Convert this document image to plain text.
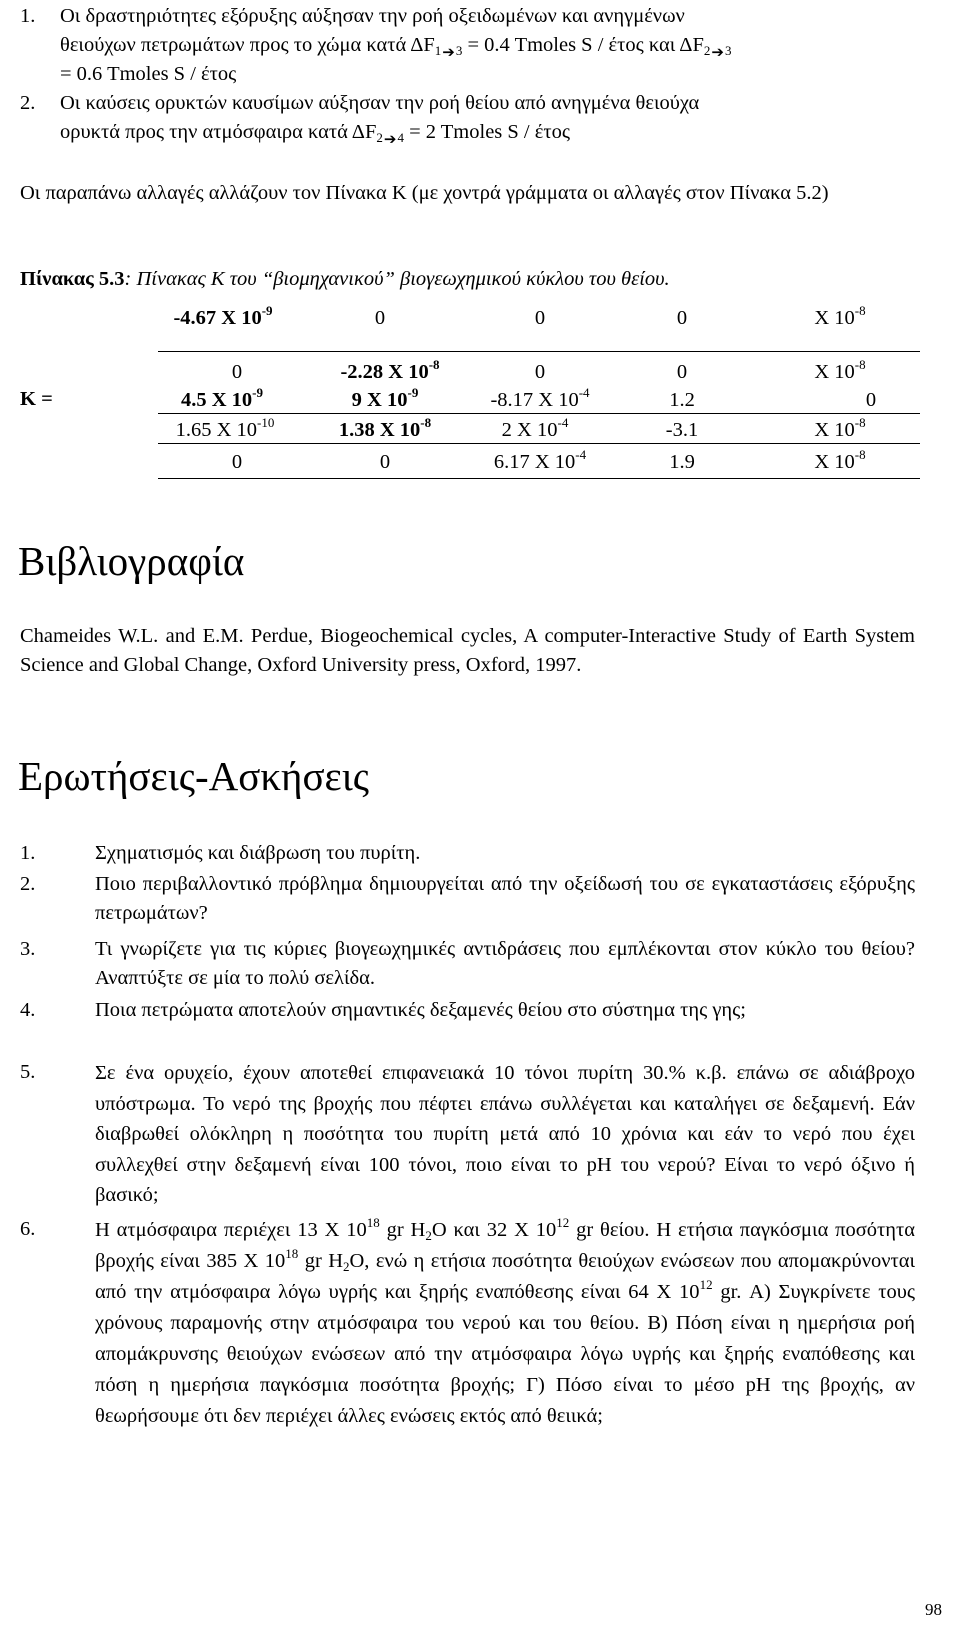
1. Οι δραστηριότητες εξόρυξης αύξησαν την ροή οξειδωμένων και ανηγμένων
θειούχων πετρωμάτων προς το χώμα κατά $\Delta F_{1➔3} = 0.4$ Tmoles S / έτος και $\Delta F_{2➔3}$
= 0.6 Tmoles S / έτος
2. Οι καύσεις ορυκτών καυσίμων αύξησαν την ροή θείου από ανηγμένα θειούχα
ορυκτά προς την ατμόσφαιρα κατά $\Delta F_{2➔4} = 2$ Tmoles S / έτος
Οι παραπάνω αλλαγές αλλάζουν τον Πίνακα Κ (με χοντρά γράμματα οι αλλαγές στον Πίνακα 5.2)
Πίνακας 5.3: Πίνακας Κ του “βιομηχανικού” βιογεωχημικού κύκλου του θείου.
-4.67 X $10^{-9}$	0	0	0	X $10^{-8}$
0	-2.28 X $10^{-8}$	0	0	X $10^{-8}$
K =	4.5 X $10^{-9}$	9 X $10^{-9}$	-8.17 X $10^{-4}$	1.2	0
1.65 X $10^{-10}$	1.38 X $10^{-8}$	2 X $10^{-4}$	-3.1	X $10^{-8}$
0	0	6.17 X $10^{-4}$	1.9	X $10^{-8}$
Βιβλιογραφία
Chameides W.L. and E.M. Perdue, Biogeochemical cycles, A computer-Interactive Study of Earth System Science and Global Change, Oxford University press, Oxford, 1997.
Ερωτήσεις-Ασκήσεις
1.	Σχηματισμός και διάβρωση του πυρίτη.
2.	Ποιο περιβαλλοντικό πρόβλημα δημιουργείται από την οξείδωσή του σε εγκαταστάσεις εξόρυξης πετρωμάτων?
3.	Τι γνωρίζετε για τις κύριες βιογεωχημικές αντιδράσεις που εμπλέκονται στον κύκλο του θείου? Αναπτύξτε σε μία το πολύ σελίδα.
4.	Ποια πετρώματα αποτελούν σημαντικές δεξαμενές θείου στο σύστημα της γης;
5.	Σε ένα ορυχείο, έχουν αποτεθεί επιφανειακά 10 τόνοι πυρίτη 30.% κ.β. επάνω σε αδιάβροχο υπόστρωμα. Το νερό της βροχής που πέφτει επάνω συλλέγεται και καταλήγει σε δεξαμενή. Εάν διαβρωθεί ολόκληρη η ποσότητα του πυρίτη μετά από 10 χρόνια και εάν το νερό που έχει συλλεχθεί στην δεξαμενή είναι 100 τόνοι, ποιο είναι το pH του νερού? Είναι το νερό όξινο ή βασικό;
6.	Η ατμόσφαιρα περιέχει 13 X $10^{18}$ gr $H_2O$ και 32 X $10^{12}$ gr θείου. Η ετήσια παγκόσμια ποσότητα βροχής είναι 385 X $10^{18}$ gr $H_2O$, ενώ η ετήσια ποσότητα θειούχων ενώσεων που απομακρύνονται από την ατμόσφαιρα λόγω υγρής και ξηρής εναπόθεσης είναι 64 X $10^{12}$ gr. Α) Συγκρίνετε τους χρόνους παραμονής στην ατμόσφαιρα του νερού και του θείου. Β) Πόση είναι η ημερήσια ροή απομάκρυνσης θειούχων ενώσεων από την ατμόσφαιρα λόγω υγρής και ξηρής εναπόθεσης και πόση η ημερήσια παγκόσμια ποσότητα βροχής; Γ) Πόσο είναι το μέσο pH της βροχής, αν θεωρήσουμε ότι δεν περιέχει άλλες ενώσεις εκτός από θειικά;
98
